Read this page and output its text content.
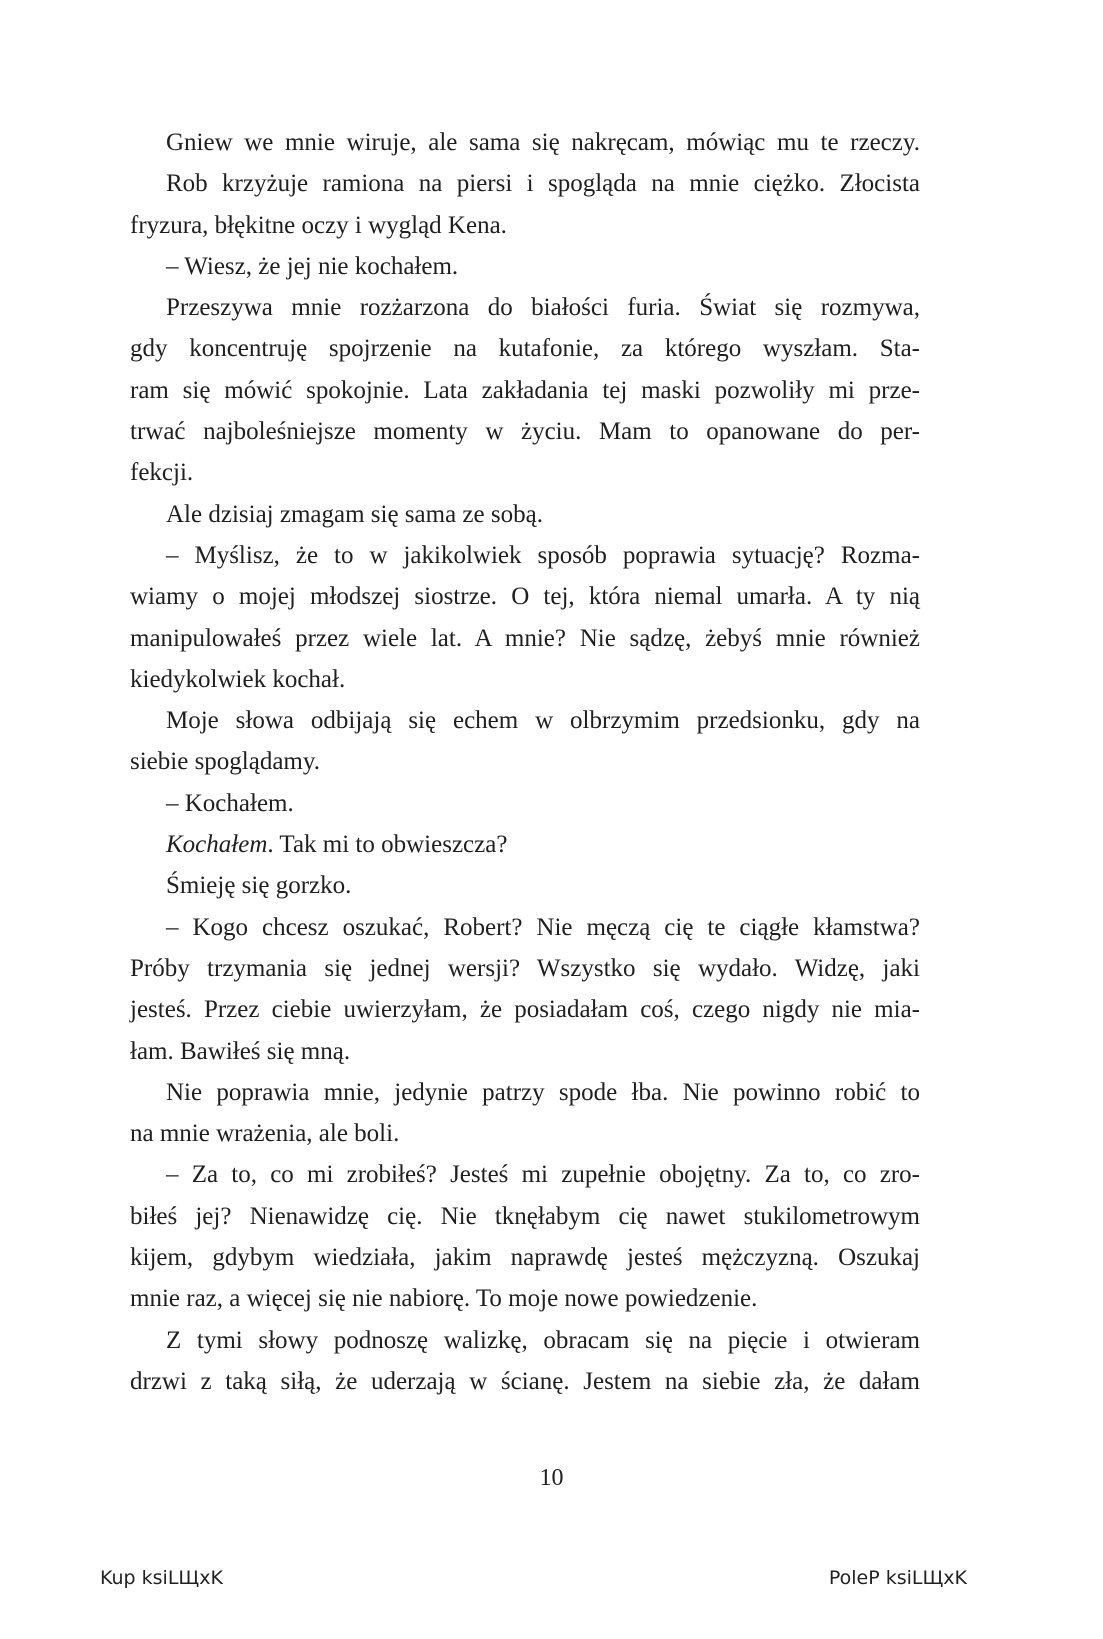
Gniew we mnie wiruje, ale sama się nakręcam, mówiąc mu te rzeczy.
Rob krzyżuje ramiona na piersi i spogląda na mnie ciężko. Złocista
fryzura, błękitne oczy i wygląd Kena.
– Wiesz, że jej nie kochałem.
Przeszywa mnie rozżarzona do białości furia. Świat się rozmywa,
gdy koncentruję spojrzenie na kutafonie, za którego wyszłam. Sta-
ram się mówić spokojnie. Lata zakładania tej maski pozwoliły mi prze-
trwać najboleśniejsze momenty w życiu. Mam to opanowane do per-
fekcji.
Ale dzisiaj zmagam się sama ze sobą.
– Myślisz, że to w jakikolwiek sposób poprawia sytuację? Rozma-
wiamy o mojej młodszej siostrze. O tej, która niemal umarła. A ty nią
manipulowałeś przez wiele lat. A mnie? Nie sądzę, żebyś mnie również
kiedykolwiek kochał.
Moje słowa odbijają się echem w olbrzymim przedsionku, gdy na
siebie spoglądamy.
– Kochałem.
Kochałem. Tak mi to obwieszcza?
Śmieję się gorzko.
– Kogo chcesz oszukać, Robert? Nie męczą cię te ciągłe kłamstwa?
Próby trzymania się jednej wersji? Wszystko się wydało. Widzę, jaki
jesteś. Przez ciebie uwierzyłam, że posiadałam coś, czego nigdy nie mia-
łam. Bawiłeś się mną.
Nie poprawia mnie, jedynie patrzy spode łba. Nie powinno robić to
na mnie wrażenia, ale boli.
– Za to, co mi zrobiłeś? Jesteś mi zupełnie obojętny. Za to, co zro-
biłeś jej? Nienawidzę cię. Nie tknęłabym cię nawet stukilometrowym
kijem, gdybym wiedziała, jakim naprawdę jesteś mężczyzną. Oszukaj
mnie raz, a więcej się nie nabiorę. To moje nowe powiedzenie.
Z tymi słowy podnoszę walizkę, obracam się na pięcie i otwieram
drzwi z taką siłą, że uderzają w ścianę. Jestem na siebie zła, że dałam
10
Kup ksiLЩxK	PoleP ksiLЩxK
